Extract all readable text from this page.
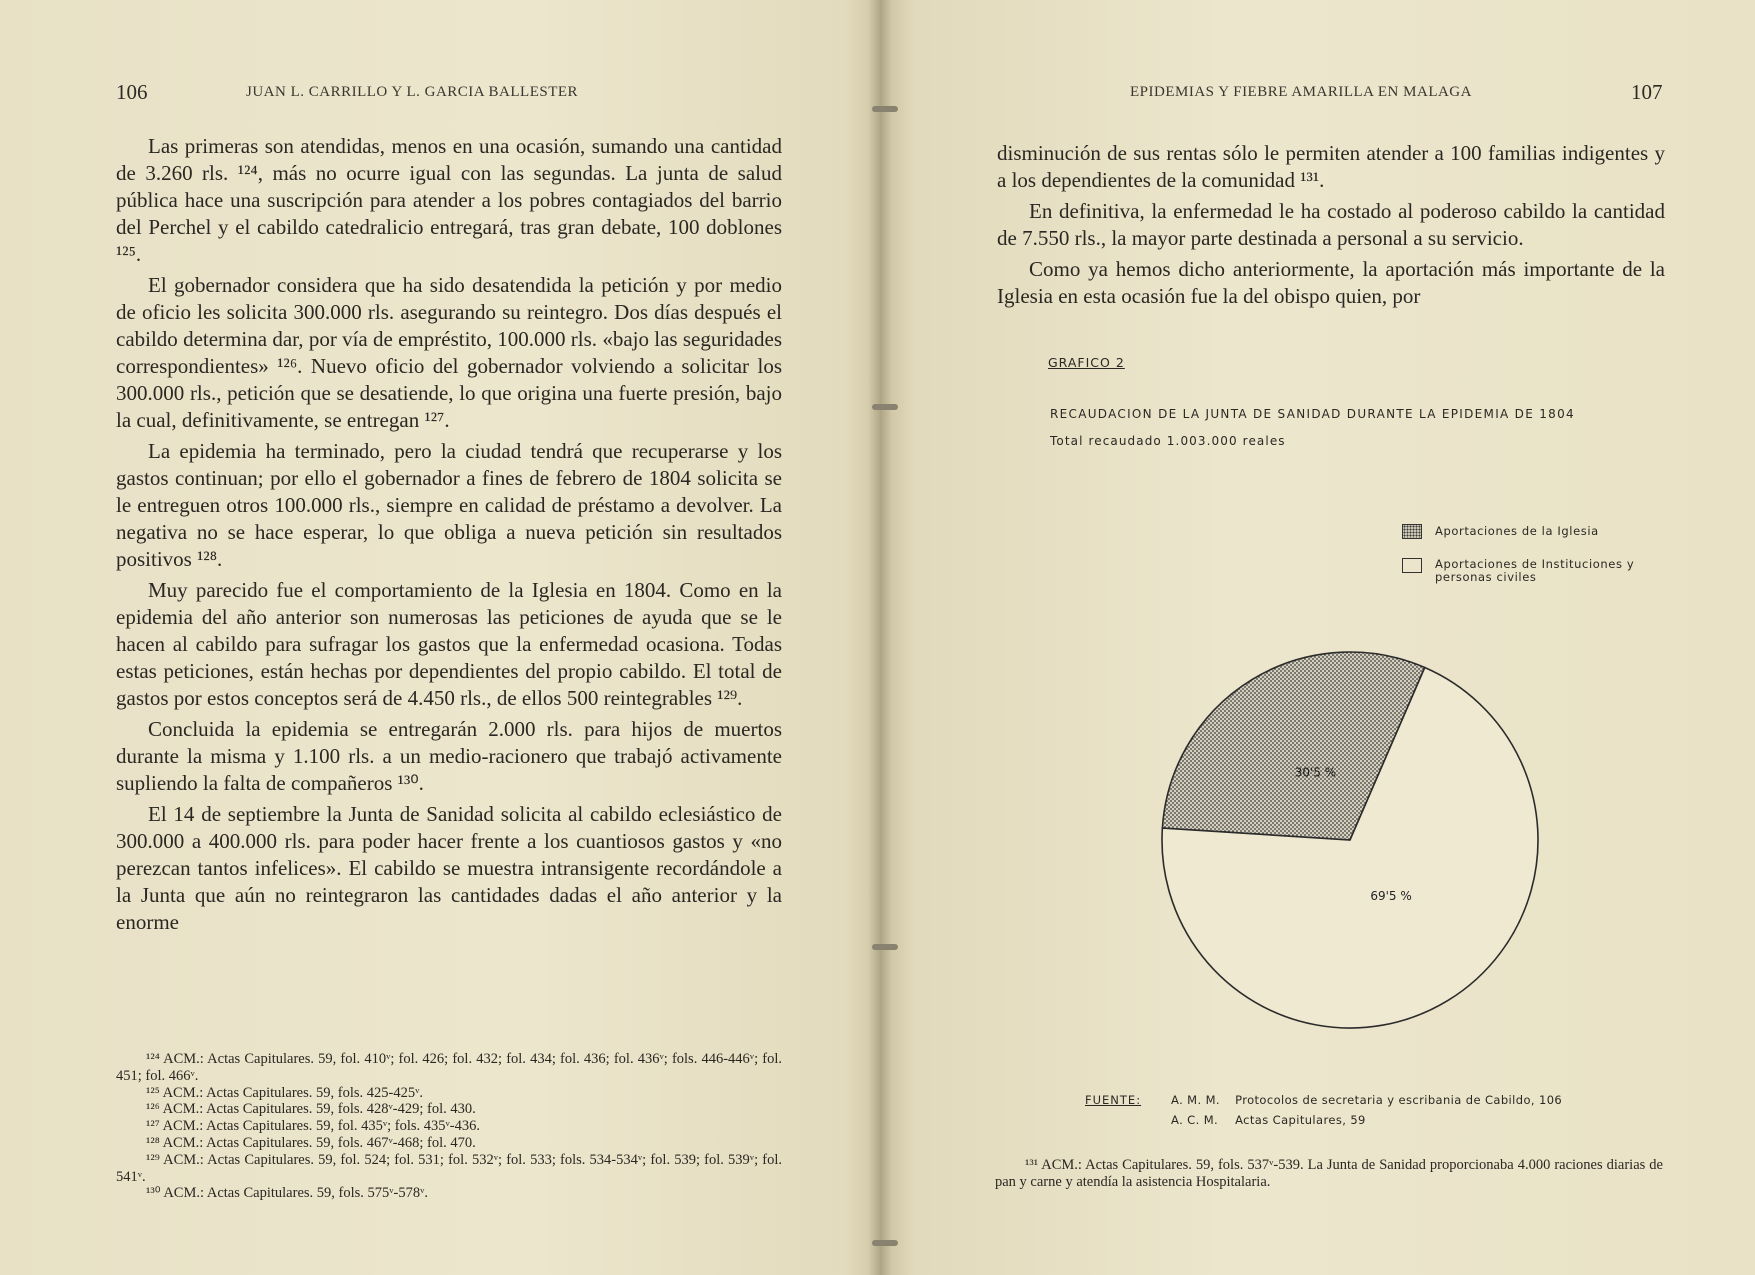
106	JUAN L. CARRILLO Y L. GARCIA BALLESTER

Las primeras son atendidas, menos en una ocasión, sumando una cantidad de 3.260 rls. ¹²⁴, más no ocurre igual con las segundas. La junta de salud pública hace una suscripción para atender a los pobres contagiados del barrio del Perchel y el cabildo catedralicio entregará, tras gran debate, 100 doblones ¹²⁵.

El gobernador considera que ha sido desatendida la petición y por medio de oficio les solicita 300.000 rls. asegurando su reintegro. Dos días después el cabildo determina dar, por vía de empréstito, 100.000 rls. «bajo las seguridades correspondientes» ¹²⁶. Nuevo oficio del gobernador volviendo a solicitar los 300.000 rls., petición que se desatiende, lo que origina una fuerte presión, bajo la cual, definitivamente, se entregan ¹²⁷.

La epidemia ha terminado, pero la ciudad tendrá que recuperarse y los gastos continuan; por ello el gobernador a fines de febrero de 1804 solicita se le entreguen otros 100.000 rls., siempre en calidad de préstamo a devolver. La negativa no se hace esperar, lo que obliga a nueva petición sin resultados positivos ¹²⁸.

Muy parecido fue el comportamiento de la Iglesia en 1804. Como en la epidemia del año anterior son numerosas las peticiones de ayuda que se le hacen al cabildo para sufragar los gastos que la enfermedad ocasiona. Todas estas peticiones, están hechas por dependientes del propio cabildo. El total de gastos por estos conceptos será de 4.450 rls., de ellos 500 reintegrables ¹²⁹.

Concluida la epidemia se entregarán 2.000 rls. para hijos de muertos durante la misma y 1.100 rls. a un medio-racionero que trabajó activamente supliendo la falta de compañeros ¹³⁰.

El 14 de septiembre la Junta de Sanidad solicita al cabildo eclesiástico de 300.000 a 400.000 rls. para poder hacer frente a los cuantiosos gastos y «no perezcan tantos infelices». El cabildo se muestra intransigente recordándole a la Junta que aún no reintegraron las cantidades dadas el año anterior y la enorme

¹²⁴ ACM.: Actas Capitulares. 59, fol. 410ᵛ; fol. 426; fol. 432; fol. 434; fol. 436; fol. 436ᵛ; fols. 446-446ᵛ; fol. 451; fol. 466ᵛ.

¹²⁵ ACM.: Actas Capitulares. 59, fols. 425-425ᵛ.

¹²⁶ ACM.: Actas Capitulares. 59, fols. 428ᵛ-429; fol. 430.

¹²⁷ ACM.: Actas Capitulares. 59, fol. 435ᵛ; fols. 435ᵛ-436.

¹²⁸ ACM.: Actas Capitulares. 59, fols. 467ᵛ-468; fol. 470.

¹²⁹ ACM.: Actas Capitulares. 59, fol. 524; fol. 531; fol. 532ᵛ; fol. 533; fols. 534-534ᵛ; fol. 539; fol. 539ᵛ; fol. 541ᵛ.

¹³⁰ ACM.: Actas Capitulares. 59, fols. 575ᵛ-578ᵛ.

EPIDEMIAS Y FIEBRE AMARILLA EN MALAGA	107

disminución de sus rentas sólo le permiten atender a 100 familias indigentes y a los dependientes de la comunidad ¹³¹.

En definitiva, la enfermedad le ha costado al poderoso cabildo la cantidad de 7.550 rls., la mayor parte destinada a personal a su servicio.

Como ya hemos dicho anteriormente, la aportación más importante de la Iglesia en esta ocasión fue la del obispo quien, por

GRAFICO 2
RECAUDACION DE LA JUNTA DE SANIDAD DURANTE LA EPIDEMIA DE 1804
Total recaudado 1.003.000 reales
Aportaciones de la Iglesia
Aportaciones de Instituciones y personas civiles
30'5 %
69'5 %
FUENTE:	A. M. M. Protocolos de secretaria y escribania de Cabildo, 106
A. C. M. Actas Capitulares, 59

¹³¹ ACM.: Actas Capitulares. 59, fols. 537ᵛ-539. La Junta de Sanidad proporcionaba 4.000 raciones diarias de pan y carne y atendía la asistencia Hospitalaria.
